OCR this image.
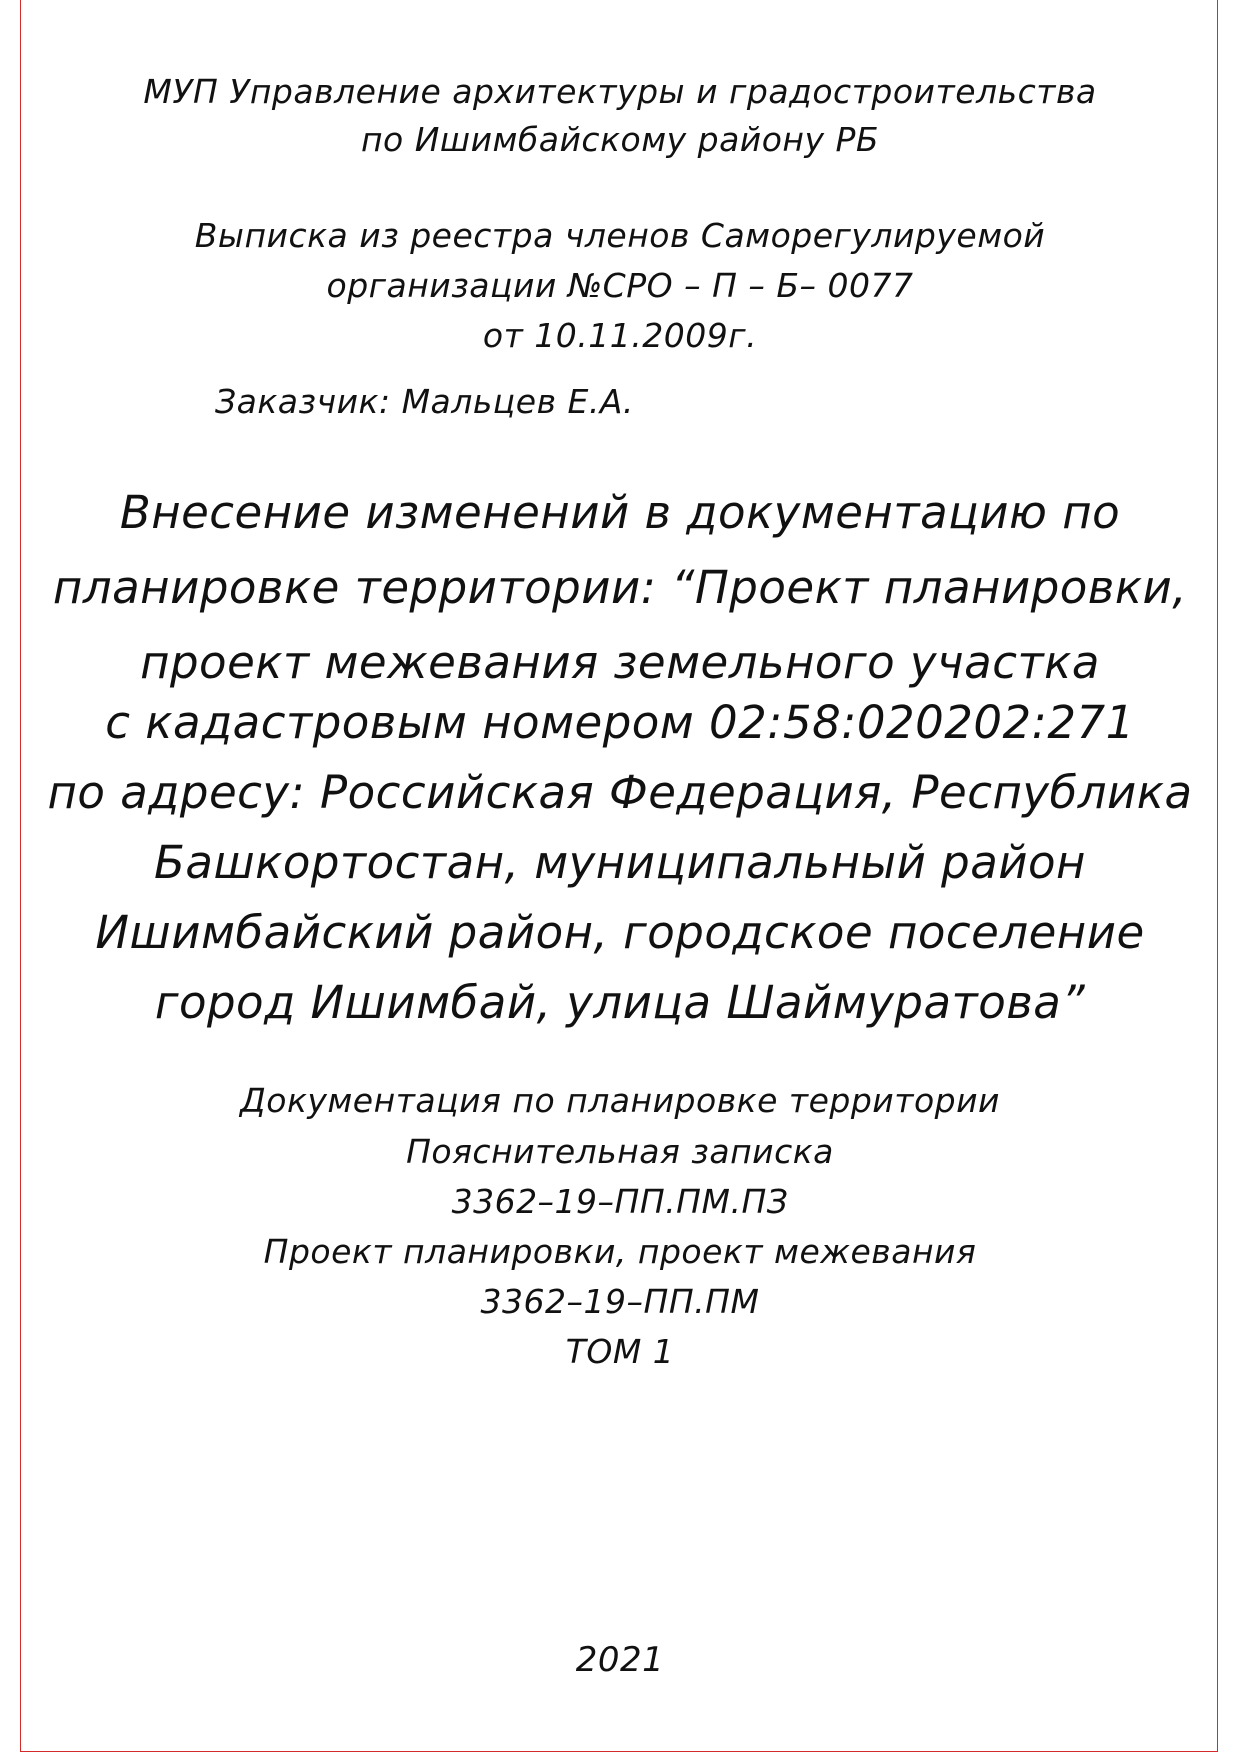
МУП Управление архитектуры и градостроительства
по Ишимбайскому району РБ
Выписка из реестра членов Саморегулируемой
организации №СРО – П – Б– 0077
от 10.11.2009г.
Заказчик: Мальцев Е.А.
Внесение изменений в документацию по
планировке территории: “Проект планировки,
проект межевания земельного участка
с кадастровым номером 02:58:020202:271
по адресу: Российская Федерация, Республика
Башкортостан, муниципальный район
Ишимбайский район, городское поселение
город Ишимбай, улица Шаймуратова”
Документация по планировке территории
Пояснительная записка
3362–19–ПП.ПМ.ПЗ
Проект планировки, проект межевания
3362–19–ПП.ПМ
ТОМ 1
2021
